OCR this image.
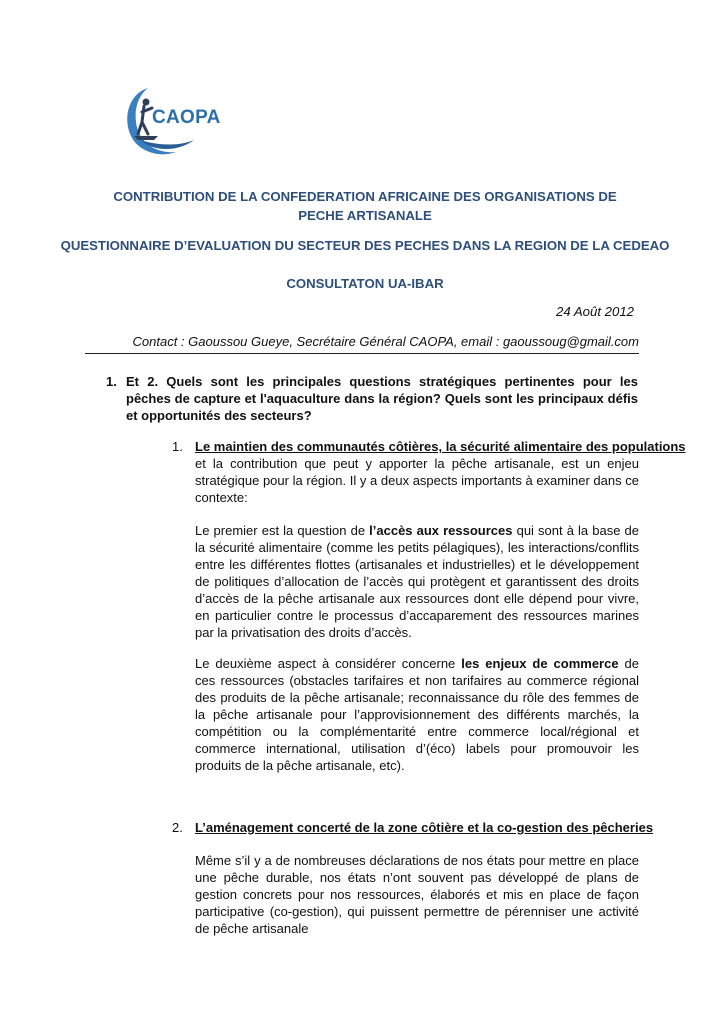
CAOPA
CONTRIBUTION DE LA CONFEDERATION AFRICAINE DES ORGANISATIONS DE PECHE ARTISANALE
QUESTIONNAIRE D’EVALUATION DU SECTEUR DES PECHES DANS LA REGION DE LA CEDEAO
CONSULTATON UA-IBAR
24 Août 2012
Contact : Gaoussou Gueye, Secrétaire Général CAOPA, email : gaoussoug@gmail.com
1. Et 2. Quels sont les principales questions stratégiques pertinentes pour les pêches de capture et l'aquaculture dans la région? Quels sont les principaux défis et opportunités des secteurs?
1. Le maintien des communautés côtières, la sécurité alimentaire des populations
et la contribution que peut y apporter la pêche artisanale, est un enjeu stratégique pour la région. Il y a deux aspects importants à examiner dans ce contexte:
Le premier est la question de l’accès aux ressources qui sont à la base de la sécurité alimentaire (comme les petits pélagiques), les interactions/conflits entre les différentes flottes (artisanales et industrielles) et le développement de politiques d’allocation de l’accès qui protègent et garantissent des droits d’accès de la pêche artisanale aux ressources dont elle dépend pour vivre, en particulier contre le processus d’accaparement des ressources marines par la privatisation des droits d’accès.
Le deuxième aspect à considérer concerne les enjeux de commerce de ces ressources (obstacles tarifaires et non tarifaires au commerce régional des produits de la pêche artisanale; reconnaissance du rôle des femmes de la pêche artisanale pour l’approvisionnement des différents marchés, la compétition ou la complémentarité entre commerce local/régional et commerce international, utilisation d’(éco) labels pour promouvoir les produits de la pêche artisanale, etc).
2. L’aménagement concerté de la zone côtière et la co-gestion des pêcheries
Même s’il y a de nombreuses déclarations de nos états pour mettre en place une pêche durable, nos états n’ont souvent pas développé de plans de gestion concrets pour nos ressources, élaborés et mis en place de façon participative (co-gestion), qui puissent permettre de pérenniser une activité de pêche artisanale
